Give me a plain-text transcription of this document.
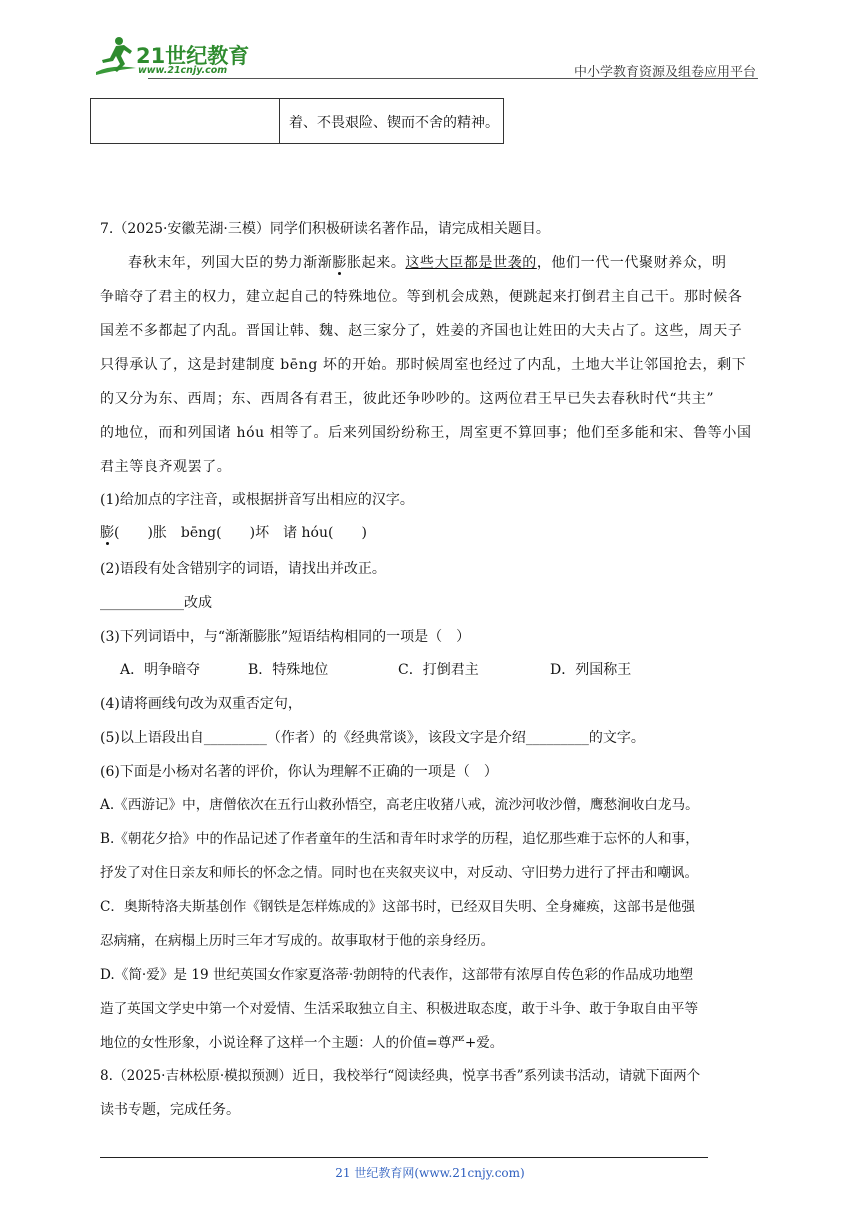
21世纪教育
www.21cnjy.com	中小学教育资源及组卷应用平台
着、不畏艰险、锲而不舍的精神。
7.（2025·安徽芜湖·三模）同学们积极研读名著作品，请完成相关题目。
春秋末年，列国大臣的势力渐渐膨胀起来。这些大臣都是世袭的，他们一代一代聚财养众，明
争暗夺了君主的权力，建立起自己的特殊地位。等到机会成熟，便跳起来打倒君主自己干。那时候各
国差不多都起了内乱。晋国让韩、魏、赵三家分了，姓姜的齐国也让姓田的大夫占了。这些，周天子
只得承认了，这是封建制度 bēng 坏的开始。那时候周室也经过了内乱，土地大半让邻国抢去，剩下
的又分为东、西周；东、西周各有君王，彼此还争吵吵的。这两位君王早已失去春秋时代“共主”
的地位，而和列国诸 hóu 相等了。后来列国纷纷称王，周室更不算回事；他们至多能和宋、鲁等小国
君主等良齐观罢了。
(1)给加点的字注音，或根据拼音写出相应的汉字。
膨(　　)胀　bēng(　　)坏　诸 hóu(　　)
(2)语段有处含错别字的词语，请找出并改正。
____________改成
(3)下列词语中，与“渐渐膨胀”短语结构相同的一项是（　）
A．明争暗夺	B．特殊地位	C．打倒君主	D．列国称王
(4)请将画线句改为双重否定句，
(5)以上语段出自_________（作者）的《经典常谈》，该段文字是介绍_________的文字。
(6)下面是小杨对名著的评价，你认为理解不正确的一项是（　）
A.《西游记》中，唐僧依次在五行山救孙悟空，高老庄收猪八戒，流沙河收沙僧，鹰愁涧收白龙马。
B.《朝花夕拾》中的作品记述了作者童年的生活和青年时求学的历程，追忆那些难于忘怀的人和事，
抒发了对住日亲友和师长的怀念之情。同时也在夹叙夹议中，对反动、守旧势力进行了抨击和嘲讽。
C．奥斯特洛夫斯基创作《钢铁是怎样炼成的》这部书时，已经双目失明、全身瘫痪，这部书是他强
忍病痛，在病榻上历时三年才写成的。故事取材于他的亲身经历。
D.《简·爱》是 19 世纪英国女作家夏洛蒂·勃朗特的代表作，这部带有浓厚自传色彩的作品成功地塑
造了英国文学史中第一个对爱情、生活采取独立自主、积极进取态度，敢于斗争、敢于争取自由平等
地位的女性形象，小说诠释了这样一个主题：人的价值=尊严+爱。
8.（2025·吉林松原·模拟预测）近日，我校举行“阅读经典，悦享书香”系列读书活动，请就下面两个
读书专题，完成任务。
21 世纪教育网(www.21cnjy.com)
